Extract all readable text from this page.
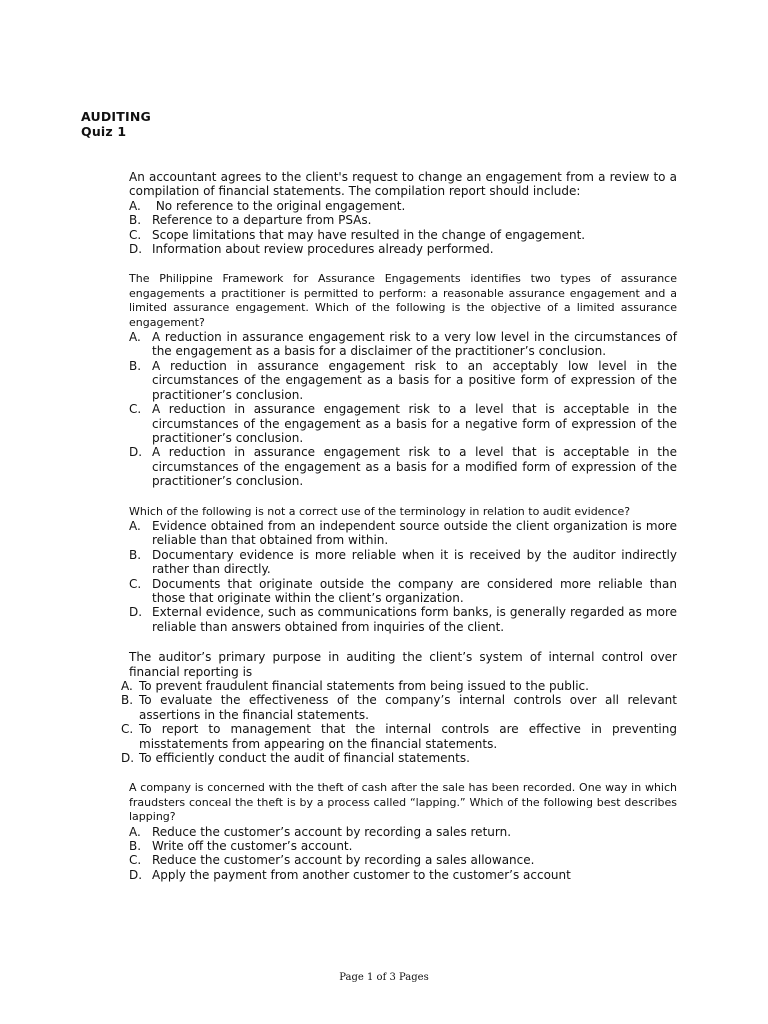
AUDITING
Quiz 1

An accountant agrees to the client's request to change an engagement from a review to a compilation of financial statements. The compilation report should include:

A. No reference to the original engagement.
B. Reference to a departure from PSAs.
C. Scope limitations that may have resulted in the change of engagement.
D. Information about review procedures already performed.

The Philippine Framework for Assurance Engagements identifies two types of assurance engagements a practitioner is permitted to perform: a reasonable assurance engagement and a limited assurance engagement. Which of the following is the objective of a limited assurance engagement?

A. A reduction in assurance engagement risk to a very low level in the circumstances of the engagement as a basis for a disclaimer of the practitioner’s conclusion.
B. A reduction in assurance engagement risk to an acceptably low level in the circumstances of the engagement as a basis for a positive form of expression of the practitioner’s conclusion.
C. A reduction in assurance engagement risk to a level that is acceptable in the circumstances of the engagement as a basis for a negative form of expression of the practitioner’s conclusion.
D. A reduction in assurance engagement risk to a level that is acceptable in the circumstances of the engagement as a basis for a modified form of expression of the practitioner’s conclusion.

Which of the following is not a correct use of the terminology in relation to audit evidence?

A. Evidence obtained from an independent source outside the client organization is more reliable than that obtained from within.
B. Documentary evidence is more reliable when it is received by the auditor indirectly rather than directly.
C. Documents that originate outside the company are considered more reliable than those that originate within the client’s organization.
D. External evidence, such as communications form banks, is generally regarded as more reliable than answers obtained from inquiries of the client.

The auditor’s primary purpose in auditing the client’s system of internal control over financial reporting is

A. To prevent fraudulent financial statements from being issued to the public.
B. To evaluate the effectiveness of the company’s internal controls over all relevant assertions in the financial statements.
C. To report to management that the internal controls are effective in preventing misstatements from appearing on the financial statements.
D. To efficiently conduct the audit of financial statements.

A company is concerned with the theft of cash after the sale has been recorded. One way in which fraudsters conceal the theft is by a process called “lapping.” Which of the following best describes lapping?

A. Reduce the customer’s account by recording a sales return.
B. Write off the customer’s account.
C. Reduce the customer’s account by recording a sales allowance.
D. Apply the payment from another customer to the customer’s account
Page 1 of 3 Pages
